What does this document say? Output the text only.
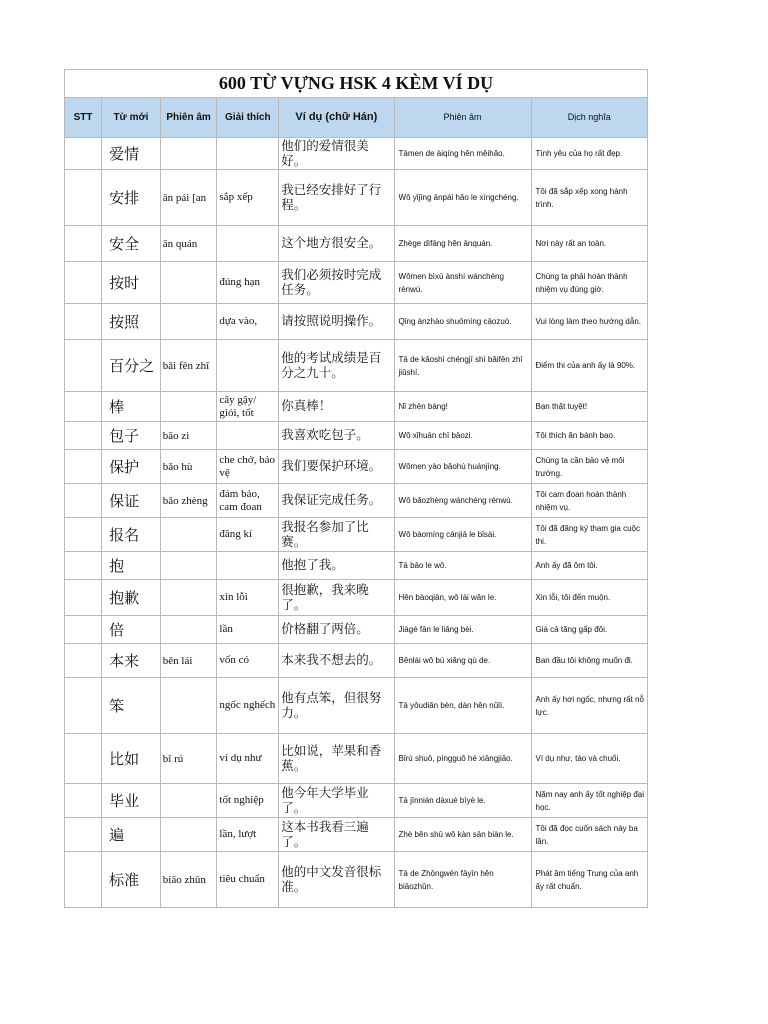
600 TỪ VỰNG HSK 4 KÈM VÍ DỤ						
STT	Từ mới	Phiên âm	Giải thích	Ví dụ (chữ Hán)	Phiên âm	Dịch nghĩa
	爱情			他们的爱情很美好。	Tāmen de àiqíng hěn měihǎo.	Tình yêu của họ rất đẹp.
	安排	ān pái [an	sắp xếp	我已经安排好了行程。	Wǒ yǐjīng ānpái hǎo le xíngchéng.	Tôi đã sắp xếp xong hành trình.
	安全	ān quán		这个地方很安全。	Zhège dìfāng hěn ānquán.	Nơi này rất an toàn.
	按时		đúng hạn	我们必须按时完成任务。	Wǒmen bìxū ànshí wánchéng rènwù.	Chúng ta phải hoàn thành nhiệm vụ đúng giờ.
	按照		dựa vào,	请按照说明操作。	Qǐng ànzhào shuōmíng cāozuò.	Vui lòng làm theo hướng dẫn.
	百分之	bǎi fēn zhī		他的考试成绩是百分之九十。	Tā de kǎoshì chéngjī shì bǎifēn zhī jiǔshí.	Điểm thi của anh ấy là 90%.
	棒		cây gậy/ giỏi, tốt	你真棒！	Nǐ zhēn bàng!	Bạn thật tuyệt!
	包子	bāo zi		我喜欢吃包子。	Wǒ xǐhuān chī bāozi.	Tôi thích ăn bánh bao.
	保护	bǎo hù	che chở, bảo vệ	我们要保护环境。	Wǒmen yào bǎohù huánjìng.	Chúng ta cần bảo vệ môi trường.
	保证	bǎo zhèng	đảm bảo, cam đoan	我保证完成任务。	Wǒ bǎozhèng wánchéng rènwù.	Tôi cam đoan hoàn thành nhiệm vụ.
	报名		đăng kí	我报名参加了比赛。	Wǒ bàomíng cānjiā le bǐsài.	Tôi đã đăng ký tham gia cuộc thi.
	抱			他抱了我。	Tā bào le wǒ.	Anh ấy đã ôm tôi.
	抱歉		xin lỗi	很抱歉，我来晚了。	Hěn bàoqiàn, wǒ lái wǎn le.	Xin lỗi, tôi đến muộn.
	倍		lần	价格翻了两倍。	Jiàgé fān le liǎng bèi.	Giá cả tăng gấp đôi.
	本来	běn lái	vốn có	本来我不想去的。	Běnlái wǒ bù xiǎng qù de.	Ban đầu tôi không muốn đi.
	笨		ngốc nghếch	他有点笨，但很努力。	Tā yǒudiǎn bèn, dàn hěn nǔlì.	Anh ấy hơi ngốc, nhưng rất nỗ lực.
	比如	bǐ rú	ví dụ như	比如说，苹果和香蕉。	Bǐrú shuō, píngguǒ hé xiāngjiāo.	Ví dụ như, táo và chuối.
	毕业		tốt nghiệp	他今年大学毕业了。	Tā jīnnián dàxué bìyè le.	Năm nay anh ấy tốt nghiệp đại học.
	遍		lần, lượt	这本书我看三遍了。	Zhè běn shū wǒ kàn sān biàn le.	Tôi đã đọc cuốn sách này ba lần.
	标准	biāo zhǔn	tiêu chuẩn	他的中文发音很标准。	Tā de Zhōngwén fāyīn hěn biāozhǔn.	Phát âm tiếng Trung của anh ấy rất chuẩn.
